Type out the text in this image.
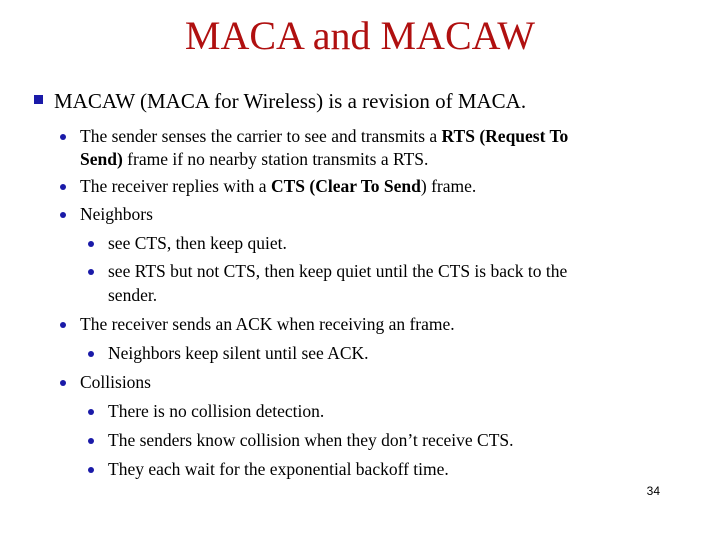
MACA and MACAW
MACAW (MACA for Wireless) is a revision of MACA.
The sender senses the carrier to see and transmits a RTS (Request To
Send) frame if no nearby station transmits a RTS.
The receiver replies with a CTS (Clear To Send) frame.
Neighbors
see CTS, then keep quiet.
see RTS but not CTS, then keep quiet until the CTS is back to the
sender.
The receiver sends an ACK when receiving an frame.
Neighbors keep silent until see ACK.
Collisions
There is no collision detection.
The senders know collision when they don’t receive CTS.
They each wait for the exponential backoff time.
34
